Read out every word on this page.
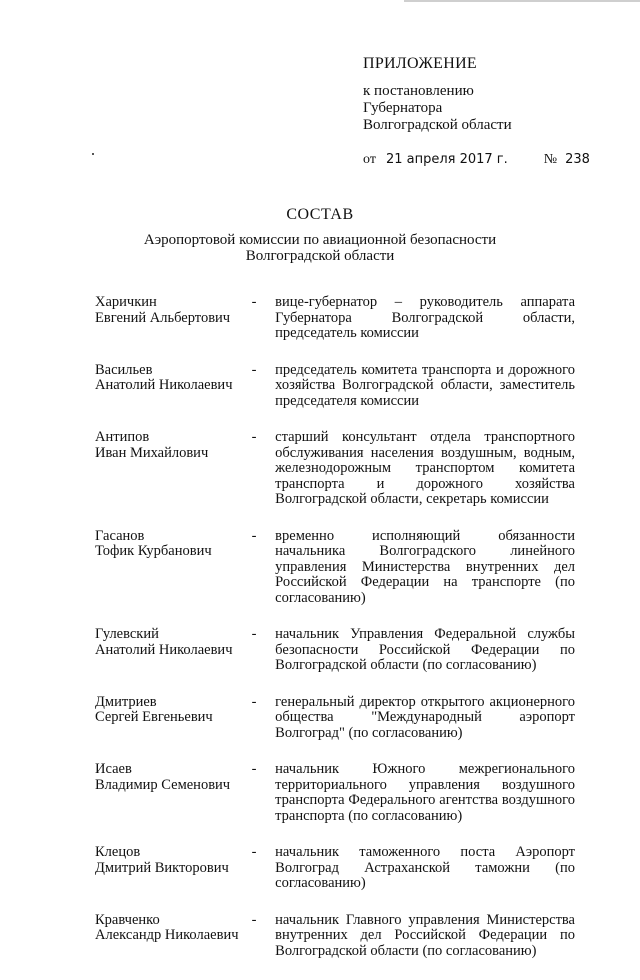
ПРИЛОЖЕНИЕ
к постановлению
Губернатора
Волгоградской области
от 21 апреля 2017 г.	№ 238
СОСТАВ
Аэропортовой комиссии по авиационной безопасности
Волгоградской области
Харичкин
Евгений Альбертович
-	вице-губернатор – руководитель аппарата Губернатора Волгоградской области, председатель комиссии
Васильев
Анатолий Николаевич
-	председатель комитета транспорта и дорожного хозяйства Волгоградской области, заместитель председателя комиссии
Антипов
Иван Михайлович
-	старший консультант отдела транспортного обслуживания населения воздушным, водным, железнодорожным транспортом комитета транспорта и дорожного хозяйства Волгоградской области, секретарь комиссии
Гасанов
Тофик Курбанович
-	временно исполняющий обязанности начальника Волгоградского линейного управления Министерства внутренних дел Российской Федерации на транспорте (по согласованию)
Гулевский
Анатолий Николаевич
-	начальник Управления Федеральной службы безопасности Российской Федерации по Волгоградской области (по согласованию)
Дмитриев
Сергей Евгеньевич
-	генеральный директор открытого акционерного общества "Международный аэропорт Волгоград" (по согласованию)
Исаев
Владимир Семенович
-	начальник Южного межрегионального территориального управления воздушного транспорта Федерального агентства воздушного транспорта (по согласованию)
Клецов
Дмитрий Викторович
-	начальник таможенного поста Аэропорт Волгоград Астраханской таможни (по согласованию)
Кравченко
Александр Николаевич
-	начальник Главного управления Министерства внутренних дел Российской Федерации по Волгоградской области (по согласованию)
